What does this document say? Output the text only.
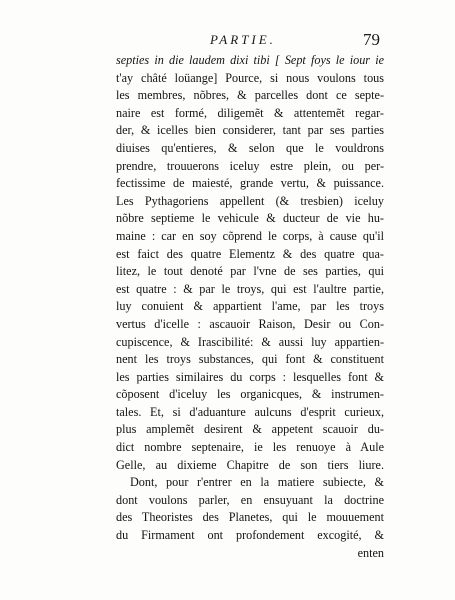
PARTIE.	79
septies in die laudem dixi tibi [ Sept foys le iour ie
t'ay châté loüange] Pource, si nous voulons tous
les membres, nõbres, & parcelles dont ce septe-
naire est formé, diligemẽt & attentemẽt regar-
der, & icelles bien considerer, tant par ses parties
diuises qu'entieres, & selon que le vouldrons
prendre, trouuerons iceluy estre plein, ou per-
fectissime de maiesté, grande vertu, & puissance.
Les Pythagoriens appellent (& tresbien) iceluy
nõbre septieme le vehicule & ducteur de vie hu-
maine : car en soy cõprend le corps, à cause qu'il
est faict des quatre Elementz & des quatre qua-
litez, le tout denoté par l'vne de ses parties, qui
est quatre : & par le troys, qui est l'aultre partie,
luy conuient & appartient l'ame, par les troys
vertus d'icelle : ascauoir Raison, Desir ou Con-
cupiscence, & Irascibilité: & aussi luy appartien-
nent les troys substances, qui font & constituent
les parties similaires du corps : lesquelles font &
cõposent d'iceluy les organicques, & instrumen-
tales. Et, si d'aduanture aulcuns d'esprit curieux,
plus amplemẽt desirent & appetent scauoir du-
dict nombre septenaire, ie les renuoye à Aule
Gelle, au dixieme Chapitre de son tiers liure.
Dont, pour r'entrer en la matiere subiecte, &
dont voulons parler, en ensuyuant la doctrine
des Theoristes des Planetes, qui le mouuement
du Firmament ont profondement excogité, &
enten
